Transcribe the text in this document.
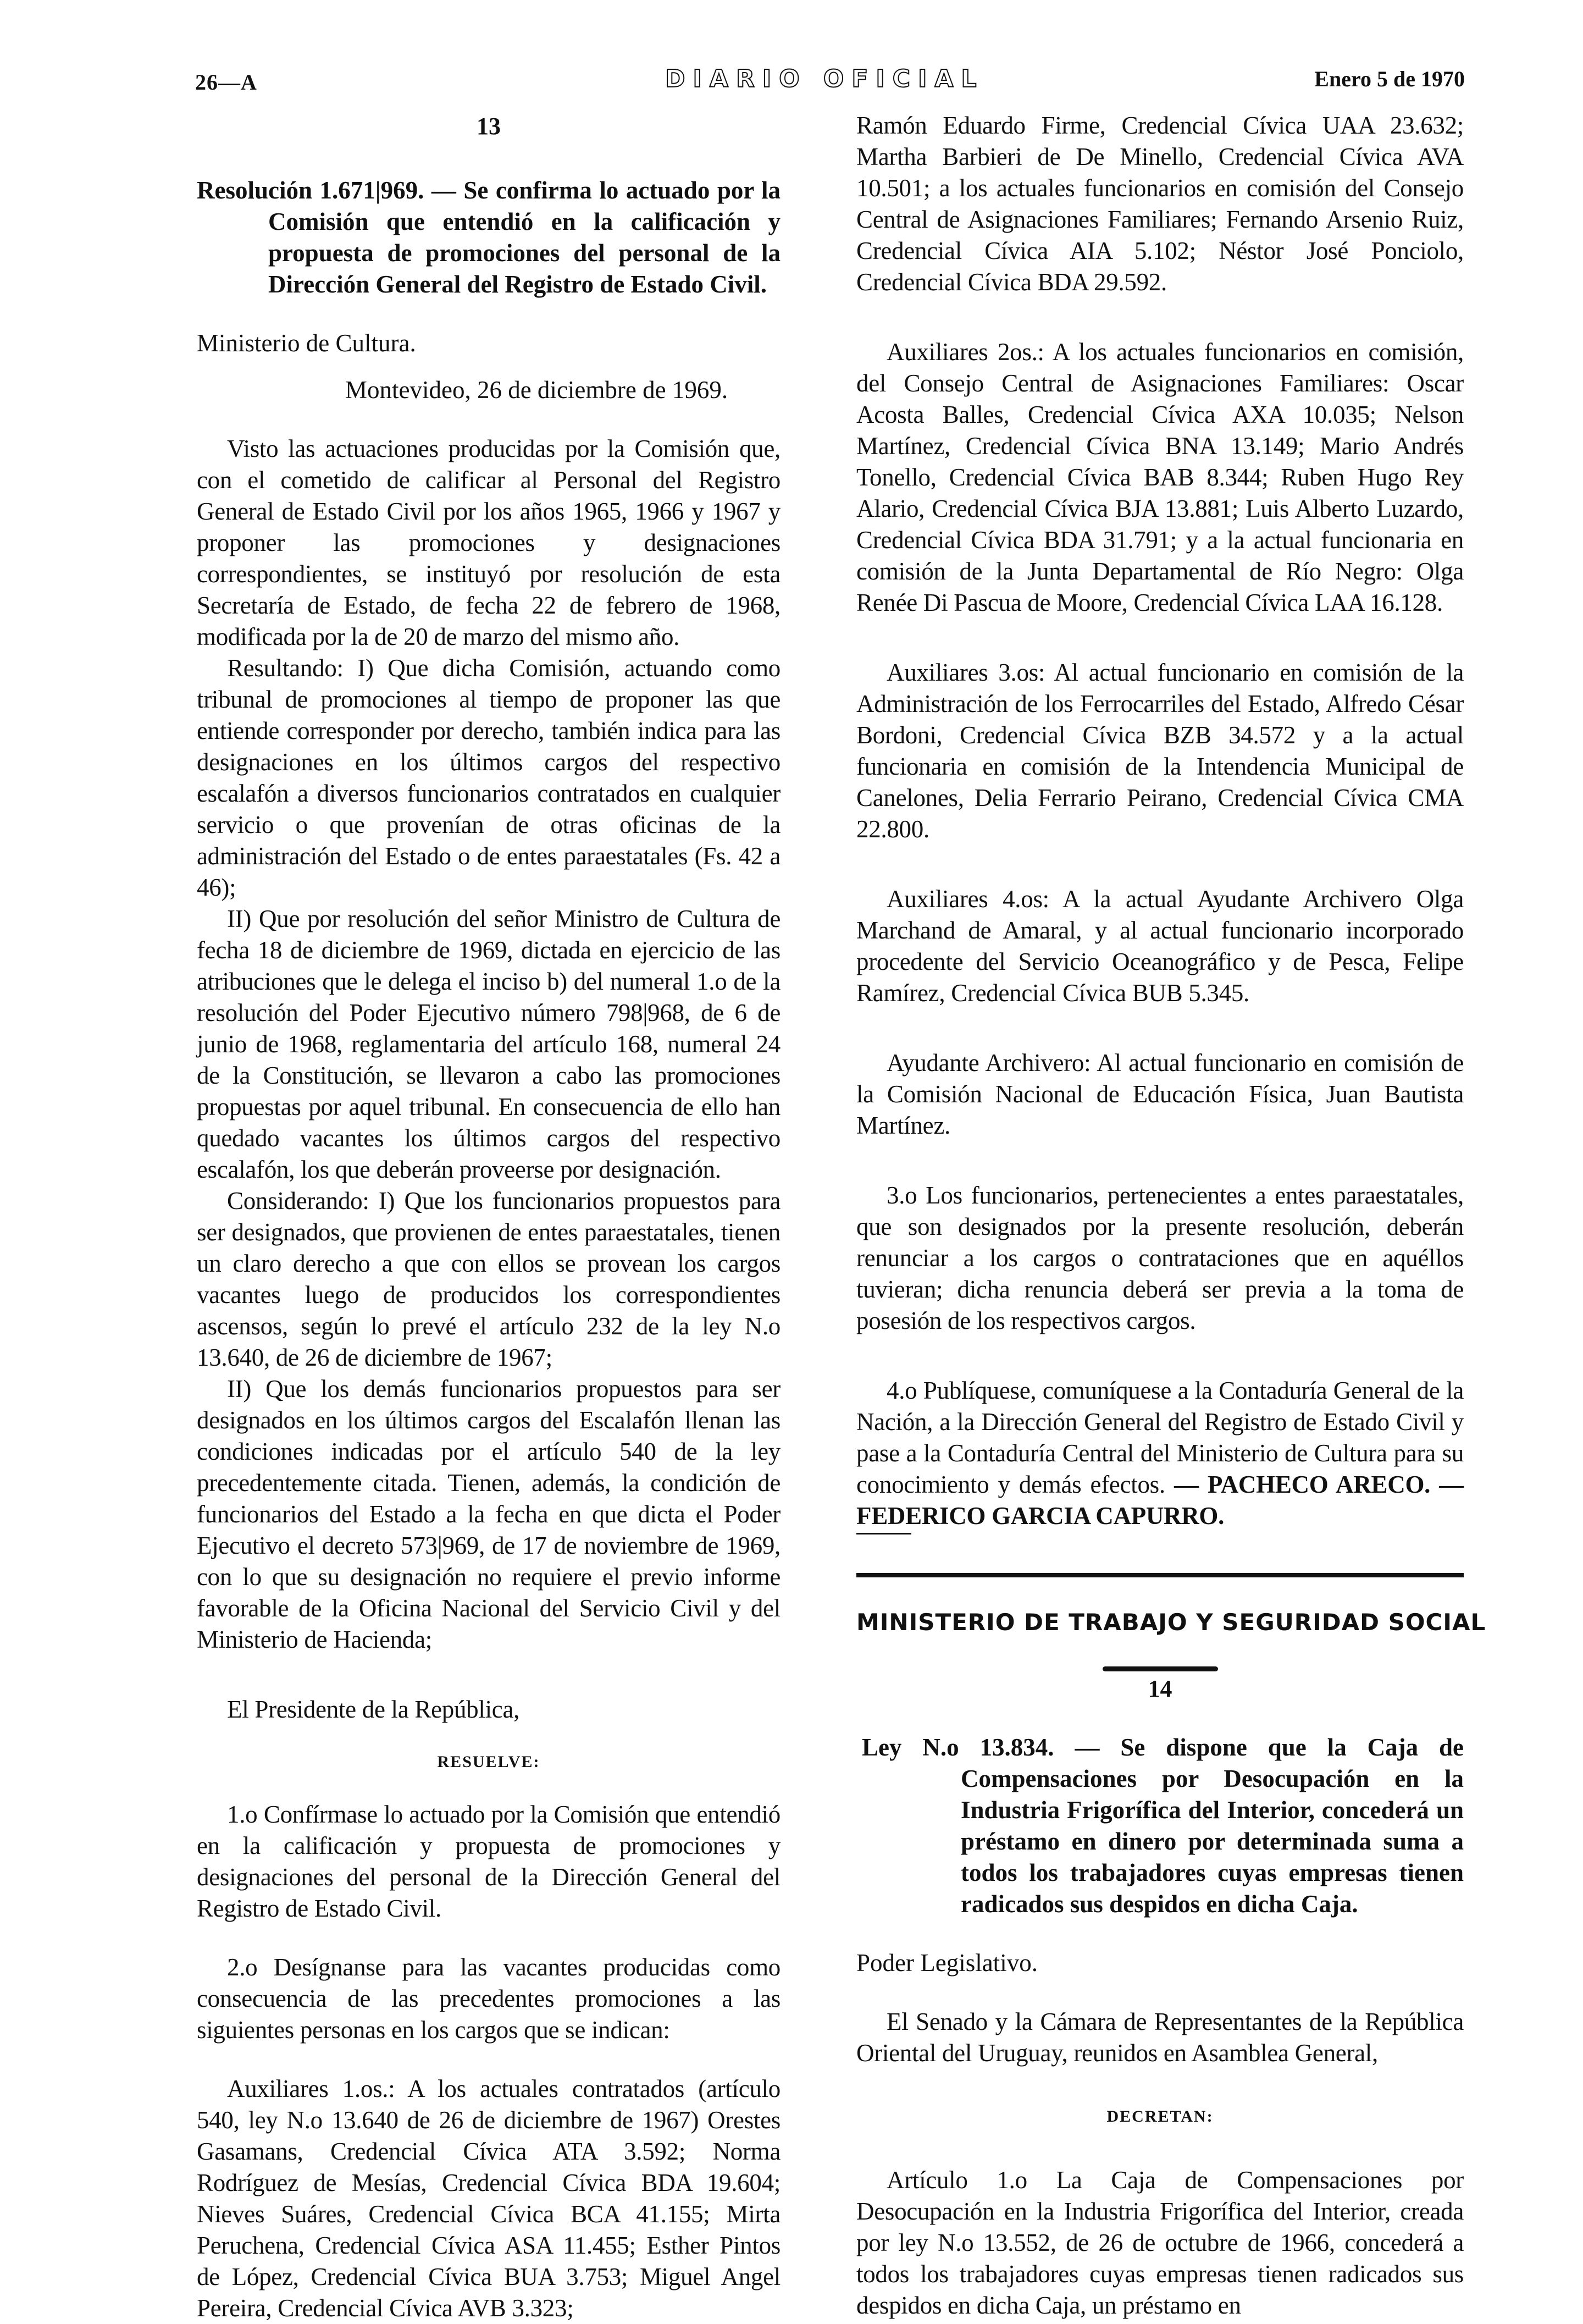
26—A	DIARIO OFICIAL	Enero 5 de 1970
13

Resolución 1.671|969. — Se confirma lo actuado por la Comisión que entendió en la calificación y propuesta de promociones del personal de la Dirección General del Registro de Estado Civil.

Ministerio de Cultura.

Montevideo, 26 de diciembre de 1969.

Visto las actuaciones producidas por la Comisión que, con el cometido de calificar al Personal del Registro General de Estado Civil por los años 1965, 1966 y 1967 y proponer las promociones y designaciones correspondientes, se instituyó por resolución de esta Secretaría de Estado, de fecha 22 de febrero de 1968, modificada por la de 20 de marzo del mismo año.

Resultando: I) Que dicha Comisión, actuando como tribunal de promociones al tiempo de proponer las que entiende corresponder por derecho, también indica para las designaciones en los últimos cargos del respectivo escalafón a diversos funcionarios contratados en cualquier servicio o que provenían de otras oficinas de la administración del Estado o de entes paraestatales (Fs. 42 a 46);

II) Que por resolución del señor Ministro de Cultura de fecha 18 de diciembre de 1969, dictada en ejercicio de las atribuciones que le delega el inciso b) del numeral 1.o de la resolución del Poder Ejecutivo número 798|968, de 6 de junio de 1968, reglamentaria del artículo 168, numeral 24 de la Constitución, se llevaron a cabo las promociones propuestas por aquel tribunal. En consecuencia de ello han quedado vacantes los últimos cargos del respectivo escalafón, los que deberán proveerse por designación.

Considerando: I) Que los funcionarios propuestos para ser designados, que provienen de entes paraestatales, tienen un claro derecho a que con ellos se provean los cargos vacantes luego de producidos los correspondientes ascensos, según lo prevé el artículo 232 de la ley N.o 13.640, de 26 de diciembre de 1967;

II) Que los demás funcionarios propuestos para ser designados en los últimos cargos del Escalafón llenan las condiciones indicadas por el artículo 540 de la ley precedentemente citada. Tienen, además, la condición de funcionarios del Estado a la fecha en que dicta el Poder Ejecutivo el decreto 573|969, de 17 de noviembre de 1969, con lo que su designación no requiere el previo informe favorable de la Oficina Nacional del Servicio Civil y del Ministerio de Hacienda;

El Presidente de la República,

RESUELVE:

1.o Confírmase lo actuado por la Comisión que entendió en la calificación y propuesta de promociones y designaciones del personal de la Dirección General del Registro de Estado Civil.

2.o Desígnanse para las vacantes producidas como consecuencia de las precedentes promociones a las siguientes personas en los cargos que se indican:

Auxiliares 1.os.: A los actuales contratados (artículo 540, ley N.o 13.640 de 26 de diciembre de 1967) Orestes Gasamans, Credencial Cívica ATA 3.592; Norma Rodríguez de Mesías, Credencial Cívica BDA 19.604; Nieves Suáres, Credencial Cívica BCA 41.155; Mirta Peruchena, Credencial Cívica ASA 11.455; Esther Pintos de López, Credencial Cívica BUA 3.753; Miguel Angel Pereira, Credencial Cívica AVB 3.323;

Ramón Eduardo Firme, Credencial Cívica UAA 23.632; Martha Barbieri de De Minello, Credencial Cívica AVA 10.501; a los actuales funcionarios en comisión del Consejo Central de Asignaciones Familiares; Fernando Arsenio Ruiz, Credencial Cívica AIA 5.102; Néstor José Ponciolo, Credencial Cívica BDA 29.592.

Auxiliares 2os.: A los actuales funcionarios en comisión, del Consejo Central de Asignaciones Familiares: Oscar Acosta Balles, Credencial Cívica AXA 10.035; Nelson Martínez, Credencial Cívica BNA 13.149; Mario Andrés Tonello, Credencial Cívica BAB 8.344; Ruben Hugo Rey Alario, Credencial Cívica BJA 13.881; Luis Alberto Luzardo, Credencial Cívica BDA 31.791; y a la actual funcionaria en comisión de la Junta Departamental de Río Negro: Olga Renée Di Pascua de Moore, Credencial Cívica LAA 16.128.

Auxiliares 3.os: Al actual funcionario en comisión de la Administración de los Ferrocarriles del Estado, Alfredo César Bordoni, Credencial Cívica BZB 34.572 y a la actual funcionaria en comisión de la Intendencia Municipal de Canelones, Delia Ferrario Peirano, Credencial Cívica CMA 22.800.

Auxiliares 4.os: A la actual Ayudante Archivero Olga Marchand de Amaral, y al actual funcionario incorporado procedente del Servicio Oceanográfico y de Pesca, Felipe Ramírez, Credencial Cívica BUB 5.345.

Ayudante Archivero: Al actual funcionario en comisión de la Comisión Nacional de Educación Física, Juan Bautista Martínez.

3.o Los funcionarios, pertenecientes a entes paraestatales, que son designados por la presente resolución, deberán renunciar a los cargos o contrataciones que en aquéllos tuvieran; dicha renuncia deberá ser previa a la toma de posesión de los respectivos cargos.

4.o Publíquese, comuníquese a la Contaduría General de la Nación, a la Dirección General del Registro de Estado Civil y pase a la Contaduría Central del Ministerio de Cultura para su conocimiento y demás efectos. — PACHECO ARECO. — FEDERICO GARCIA CAPURRO.

MINISTERIO DE TRABAJO Y SEGURIDAD SOCIAL
14

Ley N.o 13.834. — Se dispone que la Caja de Compensaciones por Desocupación en la Industria Frigorífica del Interior, concederá un préstamo en dinero por determinada suma a todos los trabajadores cuyas empresas tienen radicados sus despidos en dicha Caja.

Poder Legislativo.

El Senado y la Cámara de Representantes de la República Oriental del Uruguay, reunidos en Asamblea General,

DECRETAN:

Artículo 1.o La Caja de Compensaciones por Desocupación en la Industria Frigorífica del Interior, creada por ley N.o 13.552, de 26 de octubre de 1966, concederá a todos los trabajadores cuyas empresas tienen radicados sus despidos en dicha Caja, un préstamo en
